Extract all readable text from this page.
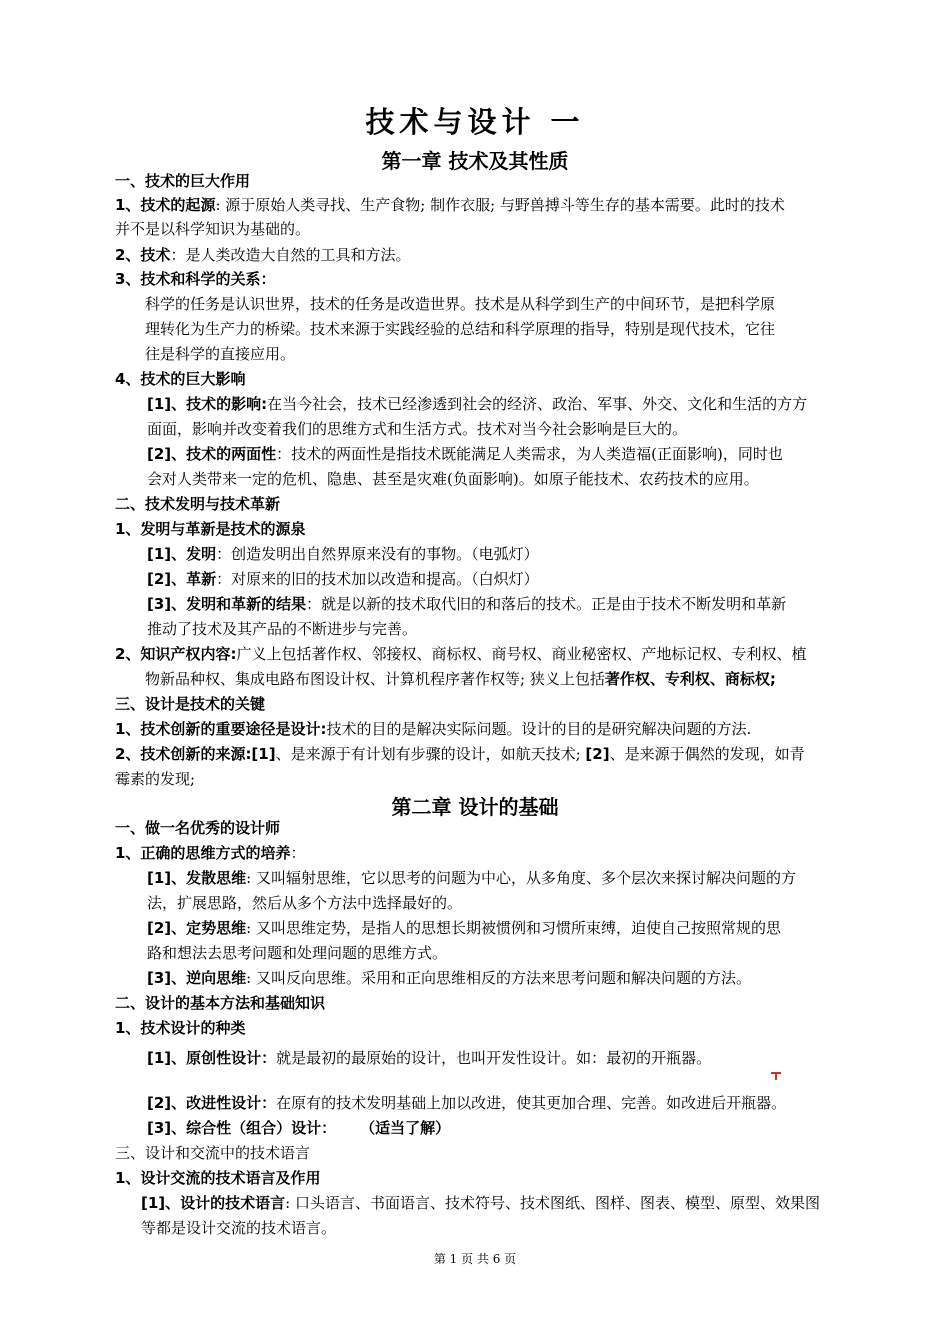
技术与设计 一
第一章 技术及其性质
一、技术的巨大作用
1、技术的起源: 源于原始人类寻找、生产食物; 制作衣服; 与野兽搏斗等生存的基本需要。此时的技术
并不是以科学知识为基础的。
2、技术：是人类改造大自然的工具和方法。
3、技术和科学的关系：
科学的任务是认识世界，技术的任务是改造世界。技术是从科学到生产的中间环节，是把科学原
理转化为生产力的桥梁。技术来源于实践经验的总结和科学原理的指导，特别是现代技术，它往
往是科学的直接应用。
4、技术的巨大影响
[1]、技术的影响:在当今社会，技术已经渗透到社会的经济、政治、军事、外交、文化和生活的方方
面面，影响并改变着我们的思维方式和生活方式。技术对当今社会影响是巨大的。
[2]、技术的两面性：技术的两面性是指技术既能满足人类需求，为人类造福(正面影响)，同时也
会对人类带来一定的危机、隐患、甚至是灾难(负面影响)。如原子能技术、农药技术的应用。
二、技术发明与技术革新
1、发明与革新是技术的源泉
[1]、发明：创造发明出自然界原来没有的事物。（电弧灯）
[2]、革新：对原来的旧的技术加以改造和提高。（白炽灯）
[3]、发明和革新的结果：就是以新的技术取代旧的和落后的技术。正是由于技术不断发明和革新
推动了技术及其产品的不断进步与完善。
2、知识产权内容:广义上包括著作权、邻接权、商标权、商号权、商业秘密权、产地标记权、专利权、植
物新品种权、集成电路布图设计权、计算机程序著作权等; 狭义上包括著作权、专利权、商标权;
三、设计是技术的关键
1、技术创新的重要途径是设计:技术的目的是解决实际问题。设计的目的是研究解决问题的方法.
2、技术创新的来源:[1]、是来源于有计划有步骤的设计，如航天技术; [2]、是来源于偶然的发现，如青
霉素的发现;
第二章 设计的基础
一、做一名优秀的设计师
1、正确的思维方式的培养：
[1]、发散思维: 又叫辐射思维，它以思考的问题为中心，从多角度、多个层次来探讨解决问题的方
法，扩展思路，然后从多个方法中选择最好的。
[2]、定势思维: 又叫思维定势，是指人的思想长期被惯例和习惯所束缚，迫使自己按照常规的思
路和想法去思考问题和处理问题的思维方式。
[3]、逆向思维: 又叫反向思维。采用和正向思维相反的方法来思考问题和解决问题的方法。
二、设计的基本方法和基础知识
1、技术设计的种类
[1]、原创性设计：就是最初的最原始的设计，也叫开发性设计。如：最初的开瓶器。
[2]、改进性设计：在原有的技术发明基础上加以改进，使其更加合理、完善。如改进后开瓶器。
[3]、综合性（组合）设计： （适当了解）
三、设计和交流中的技术语言
1、设计交流的技术语言及作用
[1]、设计的技术语言: 口头语言、书面语言、技术符号、技术图纸、图样、图表、模型、原型、效果图
等都是设计交流的技术语言。
第 1 页 共 6 页
